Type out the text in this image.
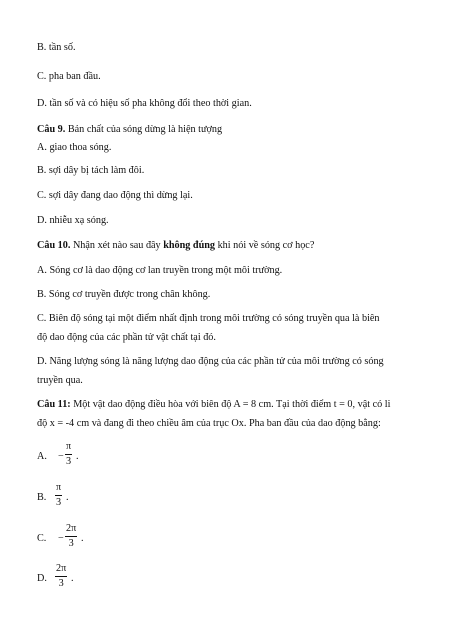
B. tần số.
C. pha ban đầu.
D. tần số và có hiệu số pha không đổi theo thời gian.
Câu 9. Bản chất của sóng dừng là hiện tượng
A. giao thoa sóng.
B. sợi dây bị tách làm đôi.
C. sợi dây đang dao động thì dừng lại.
D. nhiễu xạ sóng.
Câu 10. Nhận xét nào sau đây không đúng khi nói về sóng cơ học?
A. Sóng cơ là dao động cơ lan truyền trong một môi trường.
B. Sóng cơ truyền được trong chân không.
C. Biên độ sóng tại một điểm nhất định trong môi trường có sóng truyền qua là biên
độ dao động của các phần tử vật chất tại đó.
D. Năng lượng sóng là năng lượng dao động của các phần tử của môi trường có sóng
truyền qua.
Câu 11: Một vật dao động điều hòa với biên độ A = 8 cm. Tại thời điểm t = 0, vật có li
độ x = -4 cm và đang đi theo chiều âm của trục Ox. Pha ban đầu của dao động bằng:
A. −
π
3 .
B.
π
3 .
C. −
2π
3 .
D.
2π
3 .
